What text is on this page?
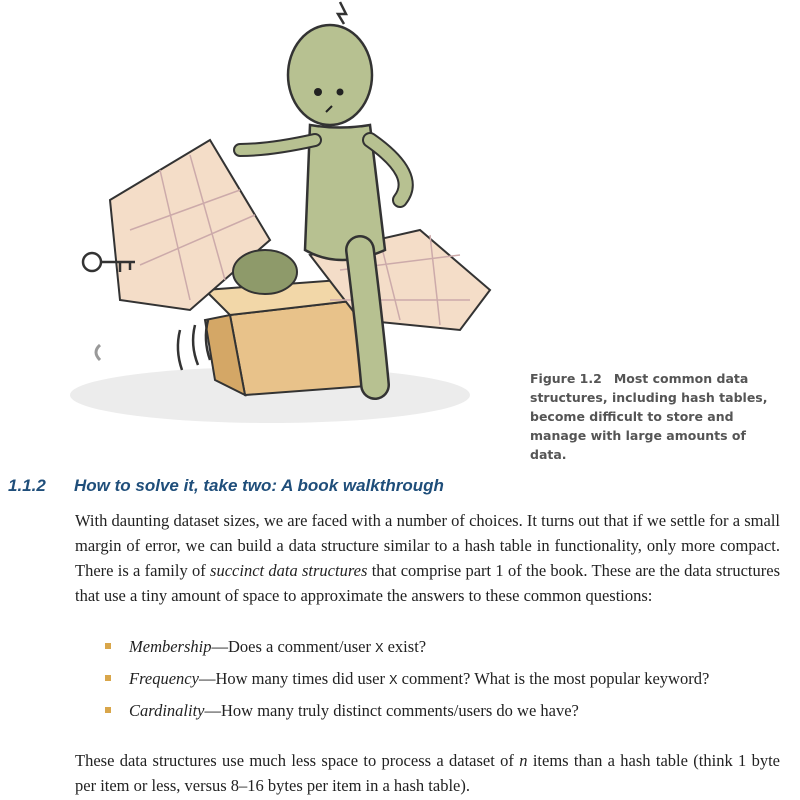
Figure 1.2 Most common data structures, including hash tables, become difficult to store and manage with large amounts of data.
1.1.2 How to solve it, take two: A book walkthrough
With daunting dataset sizes, we are faced with a number of choices. It turns out that if we settle for a small margin of error, we can build a data structure similar to a hash table in functionality, only more compact. There is a family of succinct data structures that comprise part 1 of the book. These are the data structures that use a tiny amount of space to approximate the answers to these common questions:
Membership—Does a comment/user X exist?
Frequency—How many times did user X comment? What is the most popular keyword?
Cardinality—How many truly distinct comments/users do we have?
These data structures use much less space to process a dataset of n items than a hash table (think 1 byte per item or less, versus 8–16 bytes per item in a hash table).
